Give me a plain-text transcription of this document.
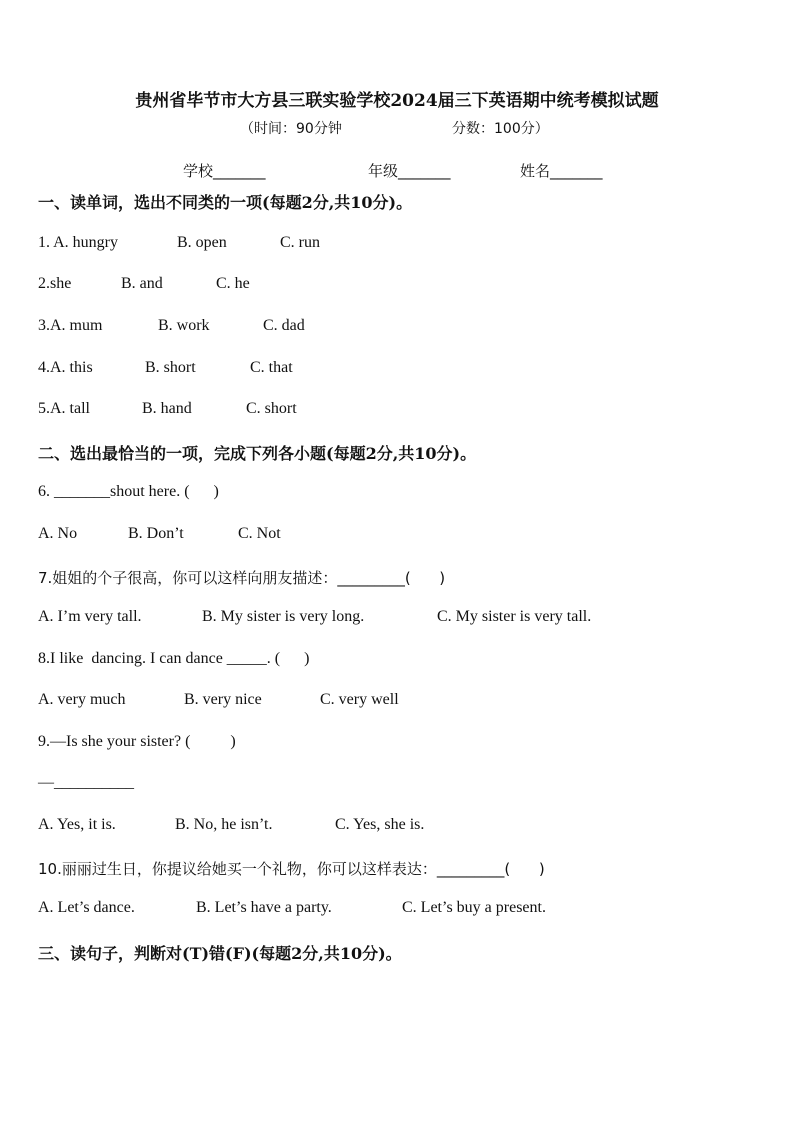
贵州省毕节市大方县三联实验学校2024届三下英语期中统考模拟试题
（时间：90分钟	分数：100分）
学校_______	年级_______	姓名_______
一、读单词，选出不同类的一项(每题2分,共10分)。
1. A. hungry	B. open	C. run
2.she	B. and	C. he
3.A. mum	B. work	C. dad
4.A. this	B. short	C. that
5.A. tall	B. hand	C. short
二、选出最恰当的一项，完成下列各小题(每题2分,共10分)。
6. _______shout here. (      )
A. No	B. Don’t	C. Not
7.姐姐的个子很高，你可以这样向朋友描述：_________(      )
A. I’m very tall.	B. My sister is very long.	C. My sister is very tall.
8.I like  dancing. I can dance _____. (      )
A. very much	B. very nice	C. very well
9.—Is she your sister? (          )
—__________
A. Yes, it is.	B. No, he isn’t.	C. Yes, she is.
10.丽丽过生日，你提议给她买一个礼物，你可以这样表达：_________(      )
A. Let’s dance.	B. Let’s have a party.	C. Let’s buy a present.
三、读句子，判断对(T)错(F)(每题2分,共10分)。
